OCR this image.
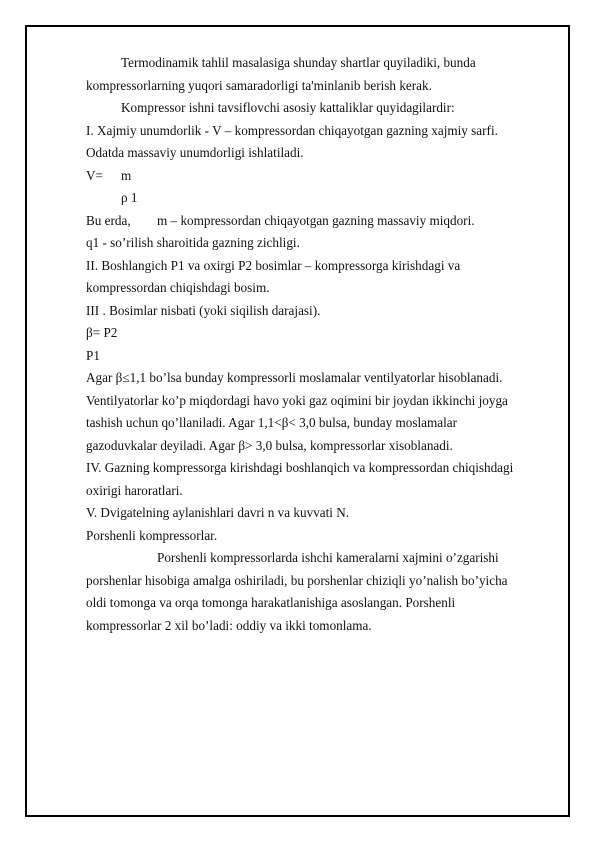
Termodinamik tahlil masalasiga shunday shartlar quyiladiki, bunda
kompressorlarning yuqori samaradorligi ta'minlanib berish kerak.
Kompressor ishni tavsiflovchi asosiy kattaliklar quyidagilardir:
I. Xajmiy unumdorlik - V – kompressordan chiqayotgan gazning xajmiy sarfi.
Odatda massaviy unumdorligi ishlatiladi.
V= m
ρ 1
Bu erda, m – kompressordan chiqayotgan gazning massaviy miqdori.
q1 - so’rilish sharoitida gazning zichligi.
II. Boshlangich P1 va oxirgi P2 bosimlar – kompressorga kirishdagi va
kompressordan chiqishdagi bosim.
III . Bosimlar nisbati (yoki siqilish darajasi).
β= P2
P1
Agar β≤1,1 bo’lsa bunday kompressorli moslamalar ventilyatorlar hisoblanadi.
Ventilyatorlar ko’p miqdordagi havo yoki gaz oqimini bir joydan ikkinchi joyga
tashish uchun qo’llaniladi. Agar 1,1<β< 3,0 bulsa, bunday moslamalar
gazoduvkalar deyiladi. Agar β> 3,0 bulsa, kompressorlar xisoblanadi.
IV. Gazning kompressorga kirishdagi boshlanqich va kompressordan chiqishdagi
oxirigi haroratlari.
V. Dvigatelning aylanishlari davri n va kuvvati N.
Porshenli kompressorlar.
Porshenli kompressorlarda ishchi kameralarni xajmini o’zgarishi
porshenlar hisobiga amalga oshiriladi, bu porshenlar chiziqli yo’nalish bo’yicha
oldi tomonga va orqa tomonga harakatlanishiga asoslangan. Porshenli
kompressorlar 2 xil bo’ladi: oddiy va ikki tomonlama.
